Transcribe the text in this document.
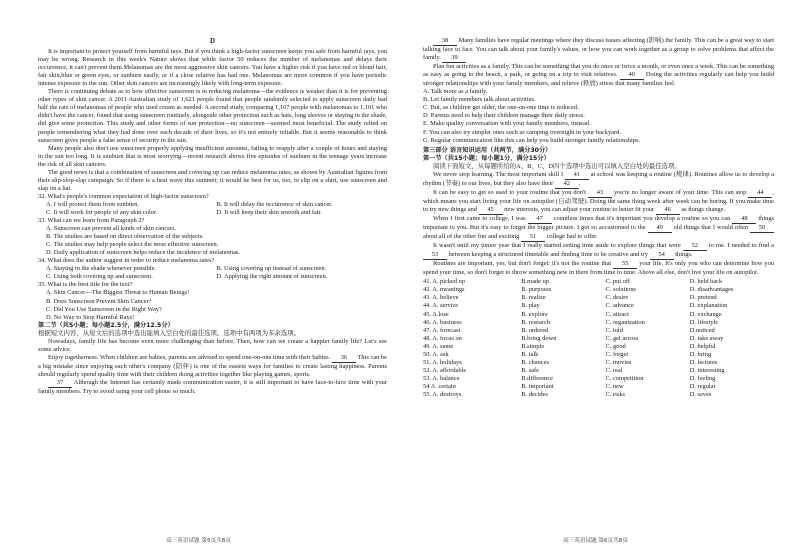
D

It is important to protect yourself from harmful rays. But if you think a high-factor sunscreen keeps you safe from harmful rays, you may be wrong. Research in this week's Nature shows that while factor 50 reduces the number of melanomas and delays their occurrence, it can't prevent them.Melanomas are the most aggressive skin cancers. You have a higher risk if you have red or blond hair, fair skin,blue or green eyes, or sunburn easily, or if a close relative has had one. Melanomas are more common if you have periodic intense exposure to the sun. Other skin cancers are increasingly likely with long-term exposure.

There is continuing debate as to how effective sunscreen is in reducing melanoma—the evidence is weaker than it is for preventing other types of skin cancer. A 2011 Australian study of 1,621 people found that people randomly selected to apply sunscreen daily had half the rate of melanomas of people who used cream as needed. A second study, comparing 1,167 people with melanomas to 1,101 who didn't have the cancer, found that using sunscreen routinely, alongside other protection such as hats, long sleeves or staying in the shade, did give some protection. This study and other forms of sun protection—no sunscreen—seemed most beneficial. The study relied on people remembering what they had done over each decade of their lives, so it's not entirely reliable. But it seems reasonable to think sunscreen gives people a false sense of security in the sun.

Many people also don't use sunscreen properly applying insufficient amounts, failing to reapply after a couple of hours and staying in the sun too long. It is sunburn that is most worrying—recent research shows five episodes of sunburn in the teenage years increase the risk of all skin cancers.

The good news is that a combination of sunscreen and covering up can reduce melanoma rates, as shown by Australian figures from their slip-slop-slap campaign. So if there is a heat wave this summer, it would be best for us, too, to slip on a shirt, use sunscreen and slap on a hat.

32. What's people's common expectation of high-factor sunscreen?

A. I will protect them from sunburn.	B. It will delay the occurrence of skin cancer.
C. It will work for people of any skin color.	D. It will keep their skin smooth and fair.

33. What can we learn from Paragraph 2?

A. Sunscreen can prevent all kinds of skin cancers.
B. The studies are based on direct observation of the subjects.
C. The studies may help people select the most effective sunscreen.
D. Daily application of sunscreen helps reduce the incidence of melanomas.

34. What does the author suggest in order to reduce melanoma rates?

A. Staying in the shade whenever possible.	B. Using covering up instead of sunscreen.
C. Using both covering up and sunscreen.	D. Applying the right amount of sunscreen.

35. What is the best title for the text?

A. Skin Cancer—The Biggest Threat to Human Beings!
B. Does Sunscreen Prevent Skin Cancer?
C. Did You Use Sunscreen in the Right Way?
D. No Way to Stop Harmful Rays!

第二节（共5小题；每小题2.5分，满分12.5分）

根据短文内容，从短文后的选项中选出能填入空白处的最佳选项。选项中有两项为多余选项。

Nowadays, family life has become even more challenging than before. Then, how can we create a happier family life? Let's see some advice.

Enjoy togetherness. When children are babies, parents are advised to spend one-on-one time with their babies. 36 This can be a big mistake since enjoying each other's company (陪伴) is one of the easiest ways for families to create lasting happiness. Parents should regularly spend quality time with their children doing activities together like playing games, sports.

37 Although the Internet has certainly made communication easier, it is still important to have face-to-face time with your family members. Try to avoid using your cell phone so much.

高三英语试题 第5页共8页

38 Many families have regular meetings where they discuss issues affecting (影响) the family. This can be a great way to start talking face to face. You can talk about your family's values, or how you can work together as a group to solve problems that affect the family. 39

Plan fun activities as a family. This can be something that you do once or twice a month, or even once a week. This can be something as easy as going to the beach, a park, or going on a trip to visit relatives. 40 Doing the activities regularly can help you build stronger relationships with your family members, and relieve (释放) stress that many families feel.

A. Talk more as a family.
B. Let family members talk about activities.
C. But, as children get older, the one-on-one time is reduced.
D. Parents need to help their children manage their daily stress.
E. Make quality conversation with your family members, instead.
F. You can also try simpler ones such as camping overnight in your backyard.
G. Regular communication like this can help you build stronger family relationships.

第三部分 语言知识运用（共两节，满分30分）

第一节（共15小题；每小题1分，满分15分）

阅读下面短文，从每题所给的A、B、C、D四个选项中选出可以填入空白处的最佳选项。

We never stop learning. The most important skill I 41 at school was keeping a routine (规律). Routines allow us to develop a rhythm (节奏) to our lives, but they also have their 42 .

It can be easy to get so used to your routine that you don't 43 you're no longer aware of your time. This can stop 44 , which means you start living your life on autopilot (自动驾驶). Doing the same thing week after week can be boring. If you make time to try new things and 45 new interests, you can adjust your routine to better fit your 46 as things change.

When I first came to college, I was 47 countless times that it's important you develop a routine so you can 48 things important to you. But it's easy to forget the bigger picture. I got so accustomed to the 49 old things that I would often 50 about all of the other fun and exciting 51 college had to offer.

It wasn't until my junior year that I really started setting time aside to explore things that were 52 to me. I needed to find a 53 between keeping a structured timetable and finding time to be creative and try 54 things.

Routines are important, yes, but don't forget: it's not the routine that 55 your life. It's only you who can determine how you spend your time, so don't forget to throw something new in there from time to time. Above all else, don't live your life on autopilot.

41. A. picked up	B.made up	C. put off	D. held back
42. A. meanings	B. purposes	C. solutions	D. disadvantages
43. A. believe	B. realize	C. desire	D. pretend
44. A. service	B. play	C. advance	D. explanation
45. A.lose	B. explore	C. attract	D. exchange
46. A. business	B. research	C. organization	D. lifestyle
47. A. forecast	B. ordered	C. told	D.noticed
48. A. focus on	B.bring down	C. get across	D. take away
49. A. same	B.simple	C. good	D. helpful
50. A. ask	B. talk	C. forget	D. bring
51. A. holidays	B. chances	C. movies	D. lectures
52. A. affordable	B. safe	C. real	D. interesting
53. A. balance	B.difference	C. competition	D. feeling
54 A. certain	B. important	C. new	D. regular
55. A. destroys	B. decides	C. risks	D. saves
高三英语试题 第6页共8页
